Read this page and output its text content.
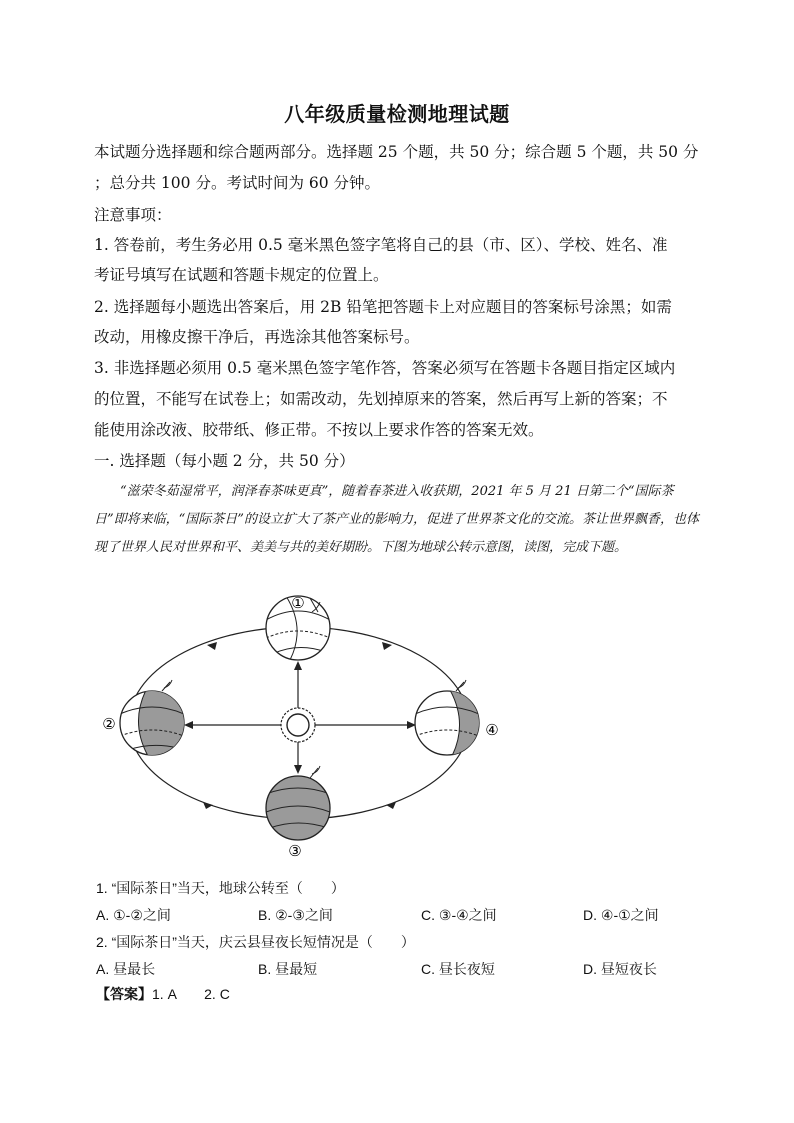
八年级质量检测地理试题
本试题分选择题和综合题两部分。选择题 25 个题，共 50 分；综合题 5 个题，共 50 分
；总分共 100 分。考试时间为 60 分钟。
注意事项：
1. 答卷前，考生务必用 0.5 毫米黑色签字笔将自己的县（市、区）、学校、姓名、准
考证号填写在试题和答题卡规定的位置上。
2. 选择题每小题选出答案后，用 2B 铅笔把答题卡上对应题目的答案标号涂黑；如需
改动，用橡皮擦干净后，再选涂其他答案标号。
3. 非选择题必须用 0.5 毫米黑色签字笔作答，答案必须写在答题卡各题目指定区域内
的位置，不能写在试卷上；如需改动，先划掉原来的答案，然后再写上新的答案；不
能使用涂改液、胶带纸、修正带。不按以上要求作答的答案无效。
一. 选择题（每小题 2 分，共 50 分）
“滋荣冬茹湿常平，润泽春茶味更真”，随着春茶进入收获期，2021 年 5 月 21 日第二个“国际茶日”即将来临，“国际茶日”的设立扩大了茶产业的影响力，促进了世界茶文化的交流。茶让世界飘香，也体现了世界人民对世界和平、美美与共的美好期盼。下图为地球公转示意图，读图，完成下题。
①
②
③
④
1. “国际茶日”当天，地球公转至（　　）
A. ①-②之间	B. ②-③之间	C. ③-④之间	D. ④-①之间
2. “国际茶日”当天，庆云县昼夜长短情况是（　　）
A. 昼最长	B. 昼最短	C. 昼长夜短	D. 昼短夜长
【答案】1. A　　2. C
